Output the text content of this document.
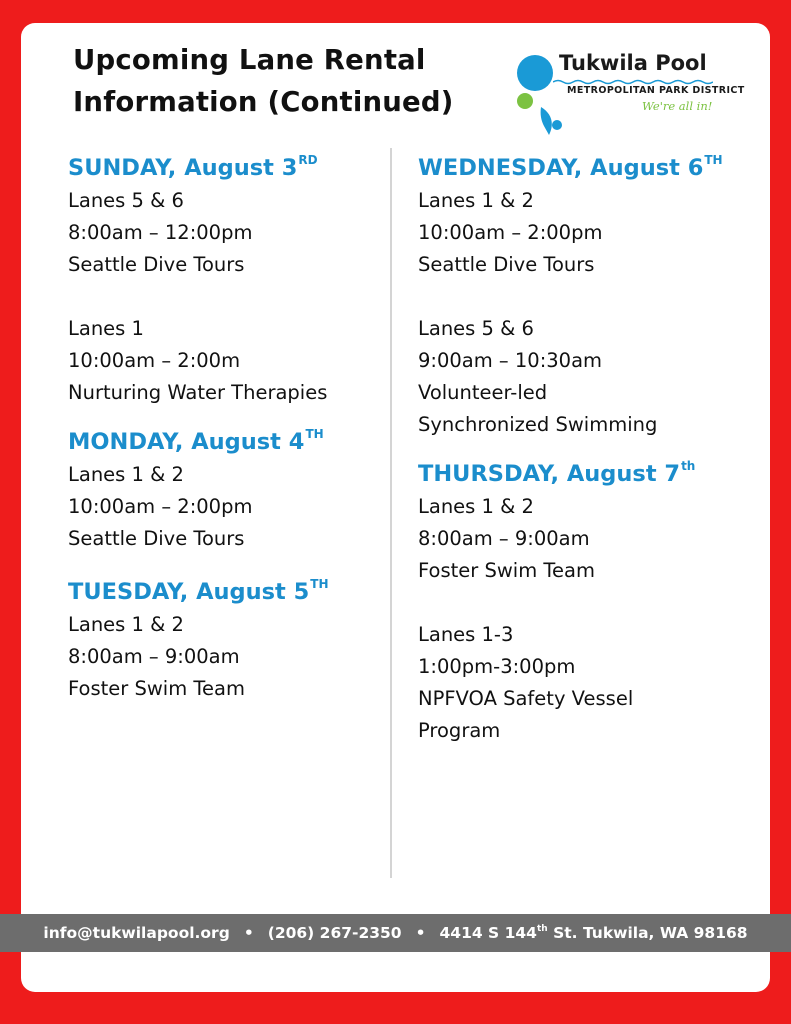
Upcoming Lane Rental
Information (Continued)
Tukwila Pool
METROPOLITAN PARK DISTRICT
We're all in!
SUNDAY, August 3RD

Lanes 5 & 6

8:00am – 12:00pm

Seattle Dive Tours

Lanes 1

10:00am – 2:00m

Nurturing Water Therapies

MONDAY, August 4TH

Lanes 1 & 2

10:00am – 2:00pm

Seattle Dive Tours

TUESDAY, August 5TH

Lanes 1 & 2

8:00am – 9:00am

Foster Swim Team

WEDNESDAY, August 6TH

Lanes 1 & 2

10:00am – 2:00pm

Seattle Dive Tours

Lanes 5 & 6

9:00am – 10:30am

Volunteer-led

Synchronized Swimming

THURSDAY, August 7th

Lanes 1 & 2

8:00am – 9:00am

Foster Swim Team

Lanes 1-3

1:00pm-3:00pm

NPFVOA Safety Vessel

Program

info@tukwilapool.org • (206) 267-2350 • 4414 S 144th St. Tukwila, WA 98168
